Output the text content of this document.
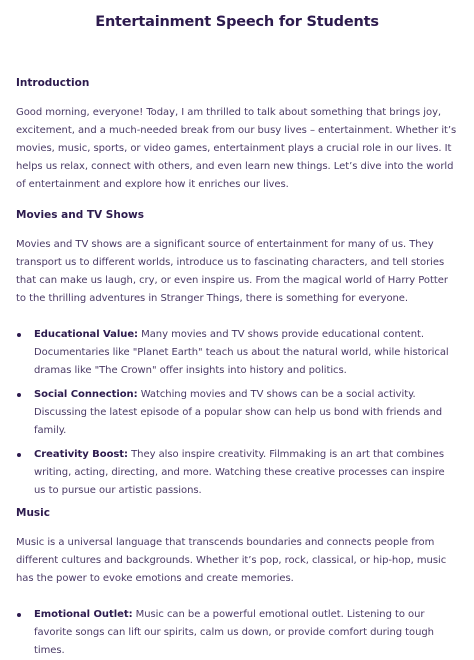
Entertainment Speech for Students
Introduction

Good morning, everyone! Today, I am thrilled to talk about something that brings joy, excitement, and a much-needed break from our busy lives – entertainment. Whether it’s movies, music, sports, or video games, entertainment plays a crucial role in our lives. It helps us relax, connect with others, and even learn new things. Let’s dive into the world of entertainment and explore how it enriches our lives.

Movies and TV Shows

Movies and TV shows are a significant source of entertainment for many of us. They transport us to different worlds, introduce us to fascinating characters, and tell stories that can make us laugh, cry, or even inspire us. From the magical world of Harry Potter to the thrilling adventures in Stranger Things, there is something for everyone.

Educational Value: Many movies and TV shows provide educational content. Documentaries like "Planet Earth" teach us about the natural world, while historical dramas like "The Crown" offer insights into history and politics.
Social Connection: Watching movies and TV shows can be a social activity. Discussing the latest episode of a popular show can help us bond with friends and family.
Creativity Boost: They also inspire creativity. Filmmaking is an art that combines writing, acting, directing, and more. Watching these creative processes can inspire us to pursue our artistic passions.
Music

Music is a universal language that transcends boundaries and connects people from different cultures and backgrounds. Whether it’s pop, rock, classical, or hip-hop, music has the power to evoke emotions and create memories.

Emotional Outlet: Music can be a powerful emotional outlet. Listening to our favorite songs can lift our spirits, calm us down, or provide comfort during tough times.
